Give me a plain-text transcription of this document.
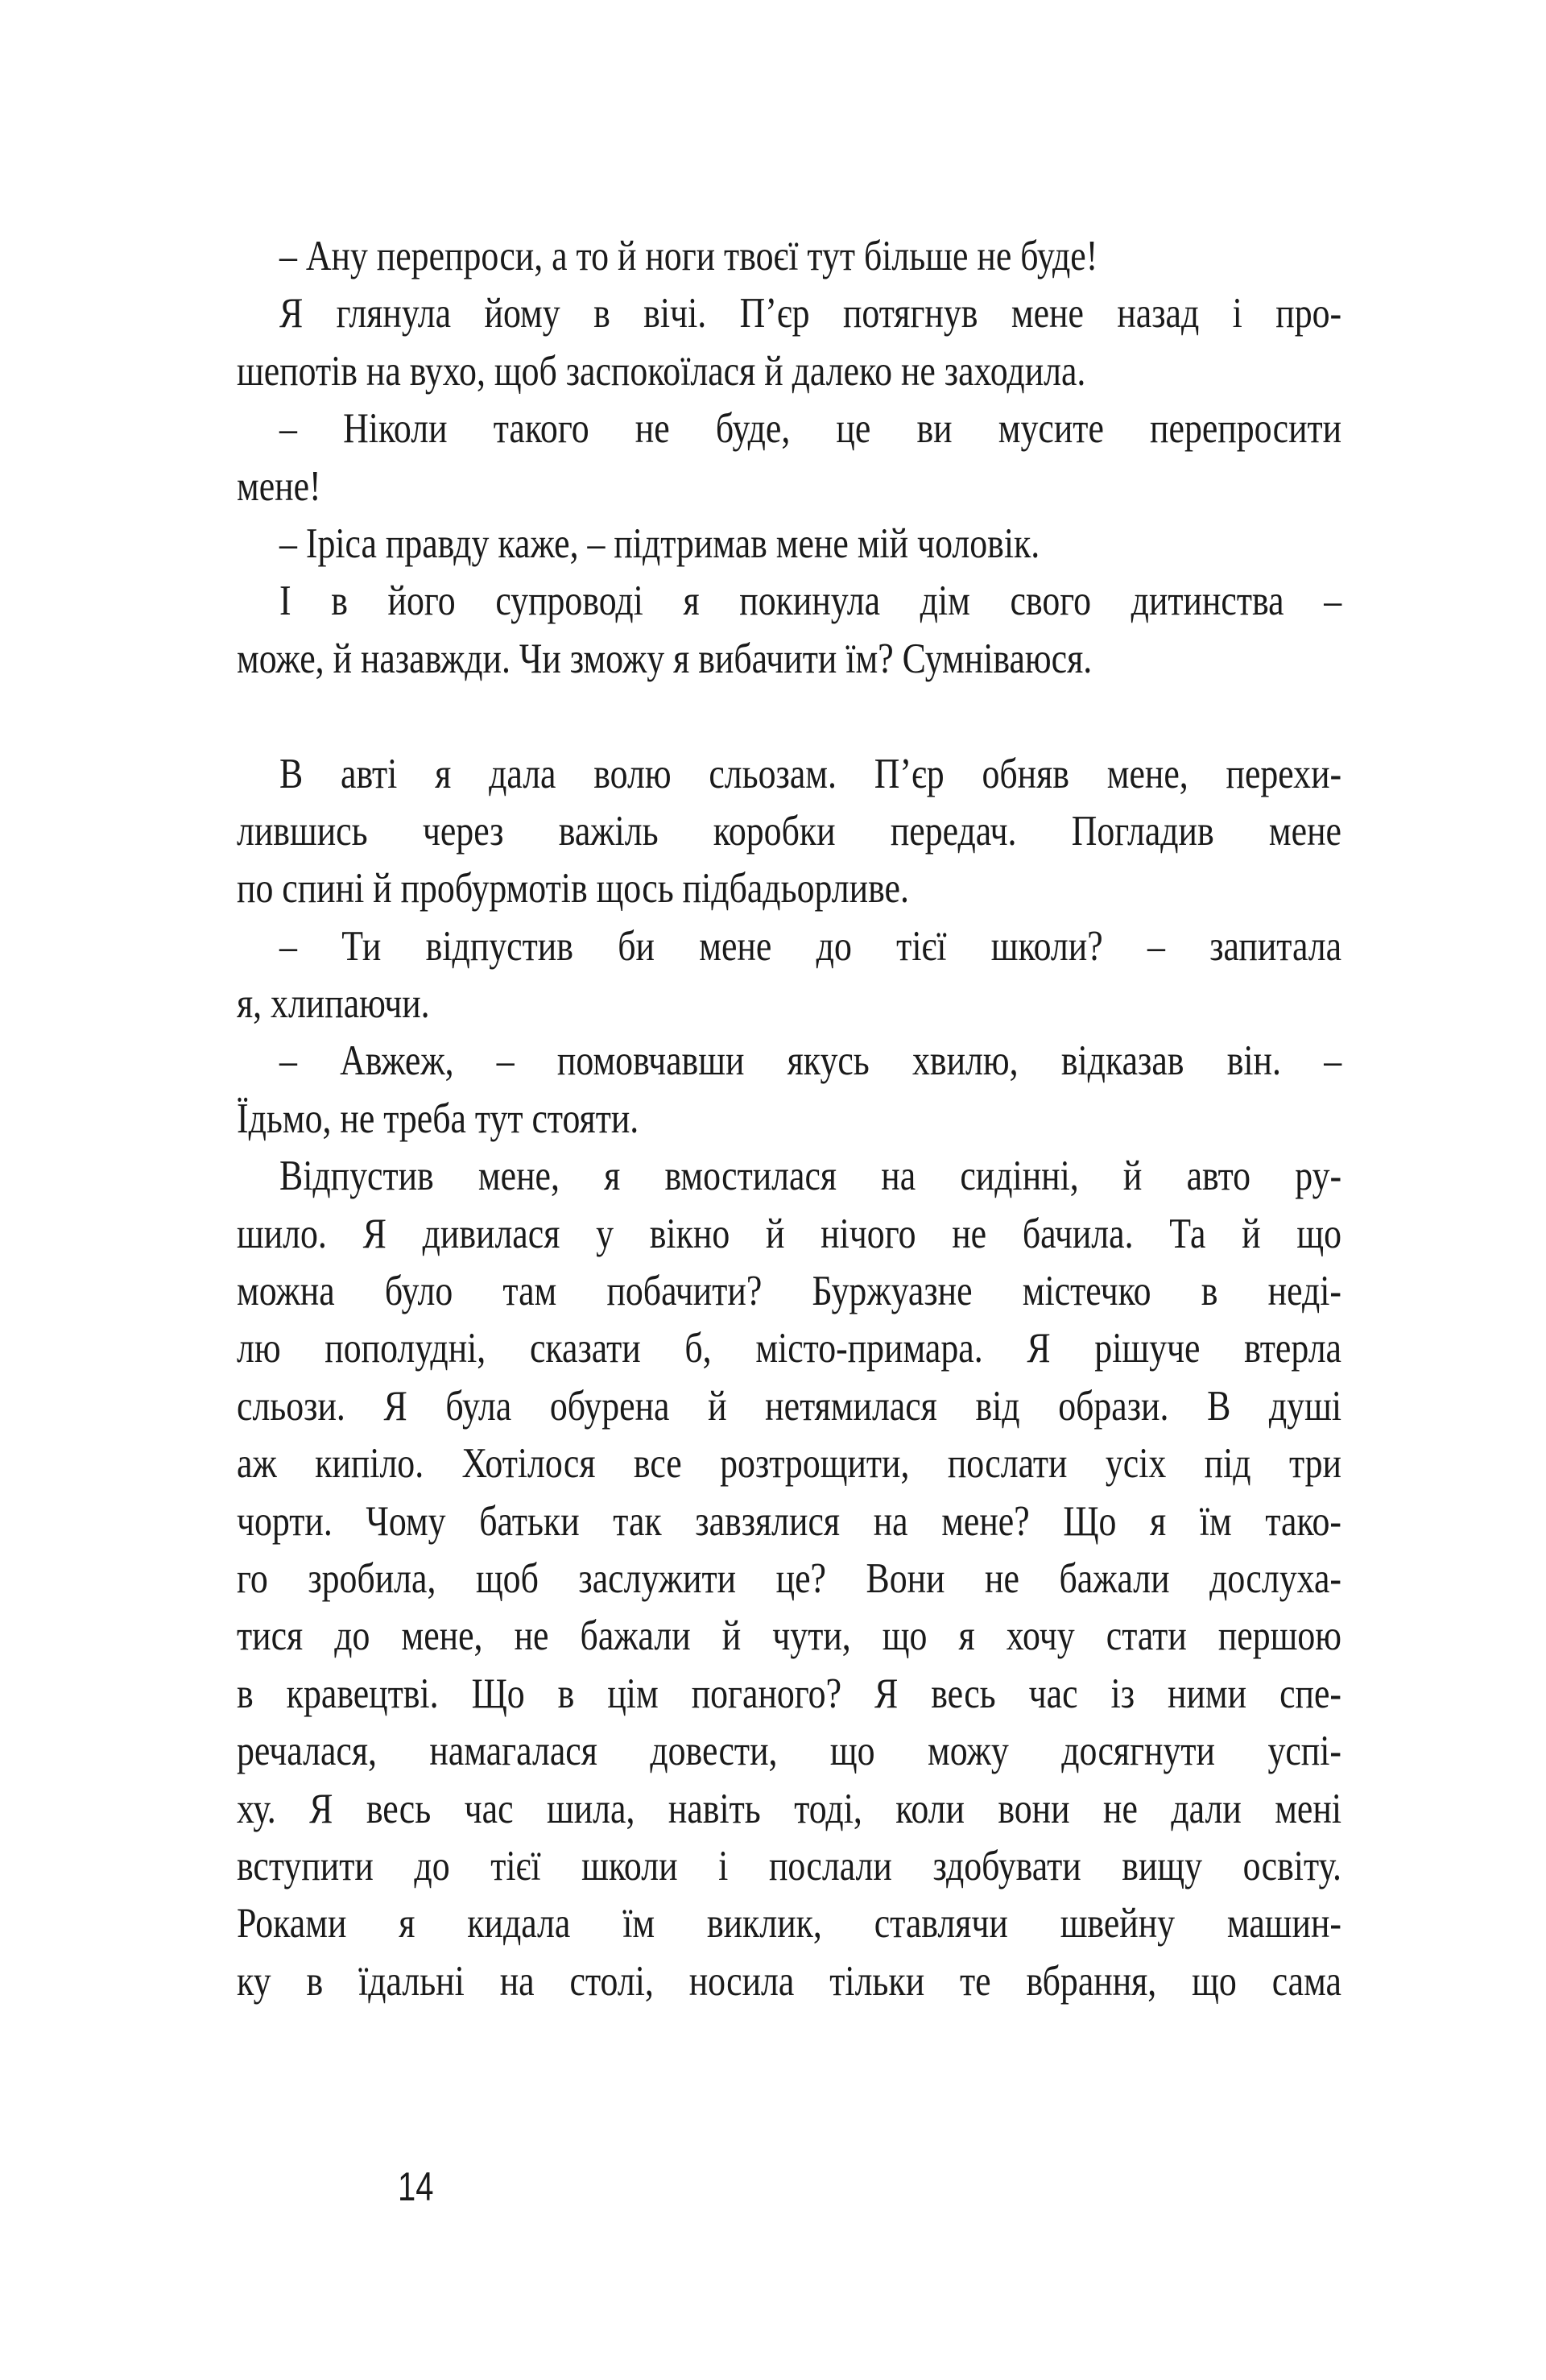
– Ану перепроси, а то й ноги твоєї тут більше не буде!
Я глянула йому в вічі. П’єр потягнув мене назад і про-
шепотів на вухо, щоб заспокоїлася й далеко не заходила.
– Ніколи такого не буде, це ви мусите перепросити
мене!
– Іріса правду каже, – підтримав мене мій чоловік.
І в його супроводі я покинула дім свого дитинства –
може, й назавжди. Чи зможу я вибачити їм? Сумніваюся.
В авті я дала волю сльозам. П’єр обняв мене, перехи-
лившись через важіль коробки передач. Погладив мене
по спині й пробурмотів щось підбадьорливе.
– Ти відпустив би мене до тієї школи? – запитала
я, хлипаючи.
– Авжеж, – помовчавши якусь хвилю, відказав він. –
Їдьмо, не треба тут стояти.
Відпустив мене, я вмостилася на сидінні, й авто ру-
шило. Я дивилася у вікно й нічого не бачила. Та й що
можна було там побачити? Буржуазне містечко в неді-
лю пополудні, сказати б, місто-примара. Я рішуче втерла
сльози. Я була обурена й нетямилася від образи. В душі
аж кипіло. Хотілося все розтрощити, послати усіх під три
чорти. Чому батьки так завзялися на мене? Що я їм тако-
го зробила, щоб заслужити це? Вони не бажали дослуха-
тися до мене, не бажали й чути, що я хочу стати першою
в кравецтві. Що в цім поганого? Я весь час із ними спе-
речалася, намагалася довести, що можу досягнути успі-
ху. Я весь час шила, навіть тоді, коли вони не дали мені
вступити до тієї школи і послали здобувати вищу освіту.
Роками я кидала їм виклик, ставлячи швейну машин-
ку в їдальні на столі, носила тільки те вбрання, що сама
14
